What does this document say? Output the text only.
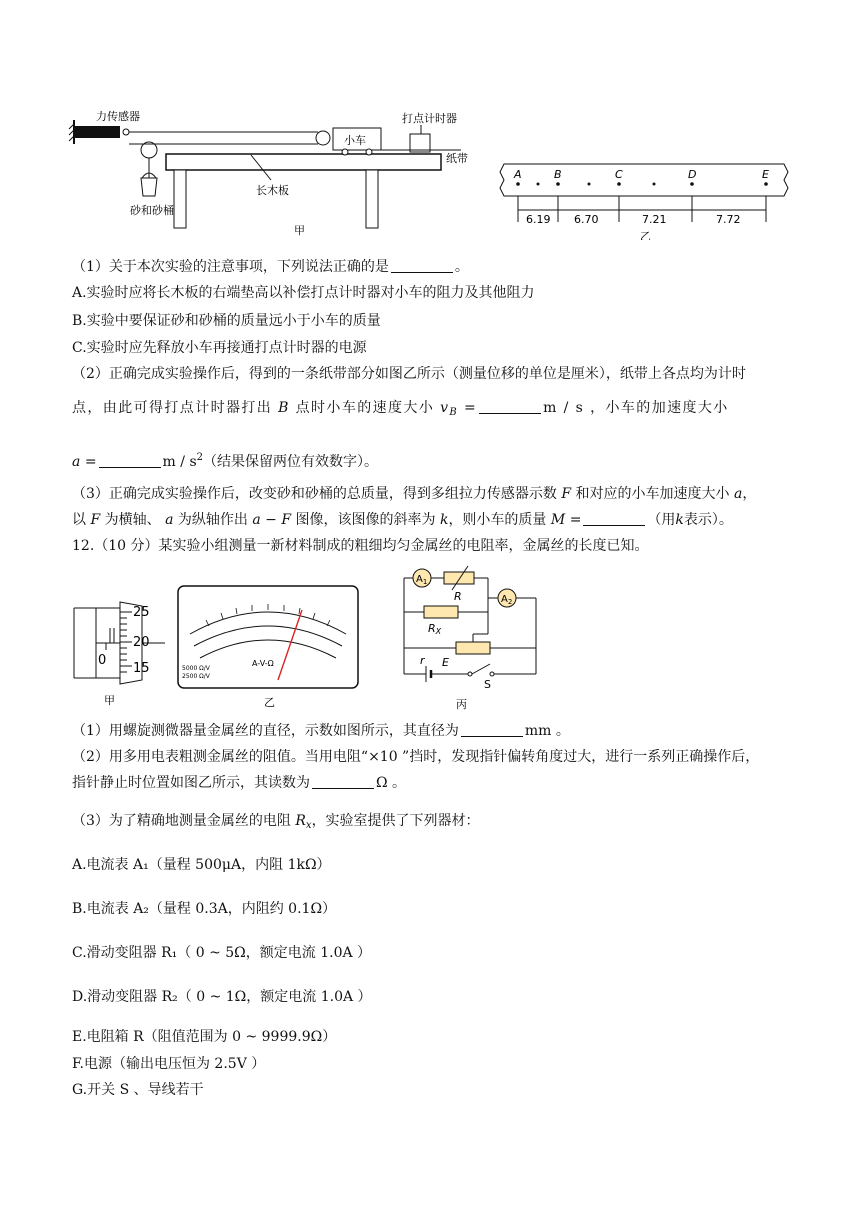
力传感器
砂和砂桶
长木板
小车
打点计时器
纸带
甲
A	B	C	D	E
6.19 6.70	7.21	7.72
乙
（1）关于本次实验的注意事项，下列说法正确的是	。
A.实验时应将长木板的右端垫高以补偿打点计时器对小车的阻力及其他阻力
B.实验中要保证砂和砂桶的质量远小于小车的质量
C.实验时应先释放小车再接通打点计时器的电源
（2）正确完成实验操作后，得到的一条纸带部分如图乙所示（测量位移的单位是厘米），纸带上各点均为计时
点，由此可得打点计时器打出 B 点时小车的速度大小 $v_B$ =	m / s ，小车的加速度大小
a =	m / $s^2$（结果保留两位有效数字）。
（3）正确完成实验操作后，改变砂和砂桶的总质量，得到多组拉力传感器示数 F 和对应的小车加速度大小 a，
以 F 为横轴、 a 为纵轴作出 a − F 图像，该图像的斜率为 k，则小车的质量 M =	（用k表示）。
12.（10 分）某实验小组测量一新材料制成的粗细均匀金属丝的电阻率，金属丝的长度已知。
25
20
15
0
甲
A-V-Ω
5000 Ω/V
2500 Ω/V
乙
$A_1$
$A_2$
R
RX
r E
S
丙
（1）用螺旋测微器量金属丝的直径，示数如图所示，其直径为	mm 。
（2）用多用电表粗测金属丝的阻值。当用电阻“×10 ”挡时，发现指针偏转角度过大，进行一系列正确操作后，
指针静止时位置如图乙所示，其读数为	Ω 。
（3）为了精确地测量金属丝的电阻 $R_x$，实验室提供了下列器材：
A.电流表 A₁（量程 500μA，内阻 1kΩ）
B.电流表 A₂（量程 0.3A，内阻约 0.1Ω）
C.滑动变阻器 R₁（ 0 ~ 5Ω，额定电流 1.0A ）
D.滑动变阻器 R₂（ 0 ~ 1Ω，额定电流 1.0A ）
E.电阻箱 R（阻值范围为 0 ~ 9999.9Ω）
F.电源（输出电压恒为 2.5V ）
G.开关 S 、导线若干
